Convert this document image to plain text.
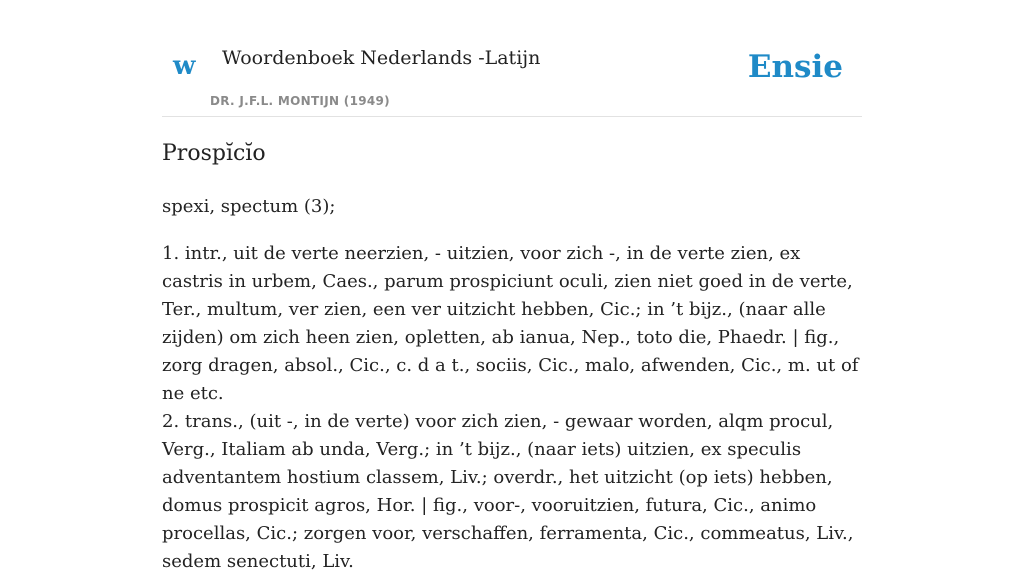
w Woordenboek Nederlands -Latijn
DR. J.F.L. MONTIJN (1949)
Ensie
Prospĭcĭo

spexi, spectum (3);

1. intr., uit de verte neerzien, - uitzien, voor zich -, in de verte zien, ex castris in urbem, Caes., parum prospiciunt oculi, zien niet goed in de verte, Ter., multum, ver zien, een ver uitzicht hebben, Cic.; in ’t bijz., (naar alle zijden) om zich heen zien, opletten, ab ianua, Nep., toto die, Phaedr. | fig., zorg dragen, absol., Cic., c. d a t., sociis, Cic., malo, afwenden, Cic., m. ut of ne etc.

2. trans., (uit -, in de verte) voor zich zien, - gewaar worden, alqm procul, Verg., Italiam ab unda, Verg.; in ’t bijz., (naar iets) uitzien, ex speculis adventantem hostium classem, Liv.; overdr., het uitzicht (op iets) hebben, domus prospicit agros, Hor. | fig., voor-, vooruitzien, futura, Cic., animo procellas, Cic.; zorgen voor, verschaffen, ferramenta, Cic., commeatus, Liv., sedem senectuti, Liv.
